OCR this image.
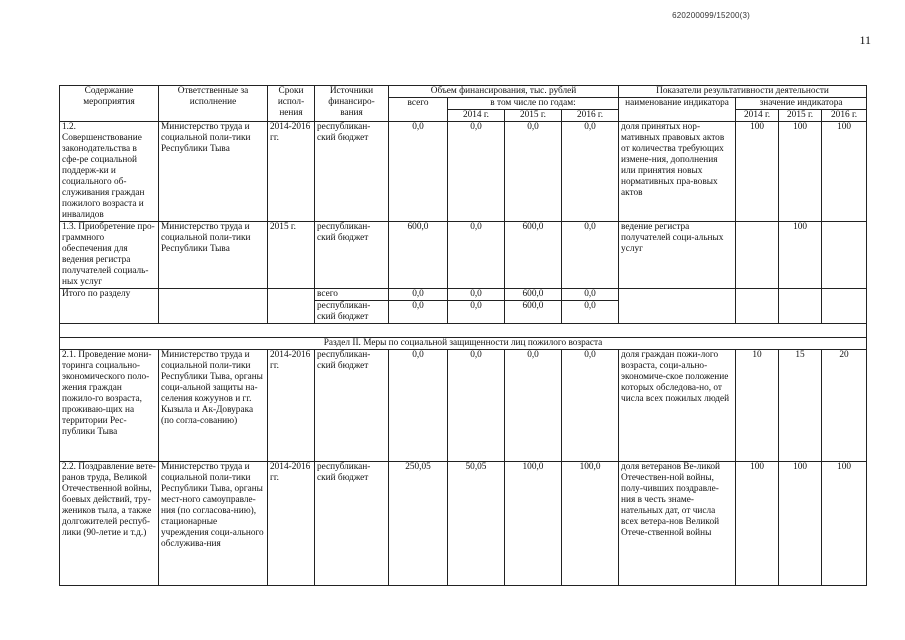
620200099/15200(3)
11
Содержание мероприятия	Ответственные за исполнение	Сроки испол-нения	Источники финансиро-вания	Объем финансирования, тыс. рублей				Показатели результативности деятельности			
				всего	в том числе по годам:			наименование индикатора	значение индикатора		
					2014 г.	2015 г.	2016 г.		2014 г.	2015 г.	2016 г.
1.2. Совершенствование законодательства в сфе-ре социальной поддерж-ки и социального об-служивания граждан пожилого возраста и инвалидов	Министерство труда и социальной поли-тики Республики Тыва	2014-2016 гг.	республикан-ский бюджет	0,0	0,0	0,0	0,0	доля принятых нор-мативных правовых актов от количества требующих измене-ния, дополнения или принятия новых нормативных пра-вовых актов	100	100	100
1.3. Приобретение про-граммного обеспечения для ведения регистра получателей социаль-ных услуг	Министерство труда и социальной поли-тики Республики Тыва	2015 г.	республикан-ский бюджет	600,0	0,0	600,0	0,0	ведение регистра получателей соци-альных услуг		100	
Итого по разделу			всего	0,0	0,0	600,0	0,0				
			республикан-ский бюджет	0,0	0,0	600,0	0,0				

Раздел II. Меры по социальной защищенности лиц пожилого возраста											
2.1. Проведение мони-торинга социально-экономического поло-жения граждан пожило-го возраста, проживаю-щих на территории Рес-публики Тыва	Министерство труда и социальной поли-тики Республики Тыва, органы соци-альной защиты на-селения кожуунов и гг. Кызыла и Ак-Довурака (по согла-сованию)	2014-2016 гг.	республикан-ский бюджет	0,0	0,0	0,0	0,0	доля граждан пожи-лого возраста, соци-ально-экономиче-ское положение которых обследова-но, от числа всех пожилых людей	10	15	20
2.2. Поздравление вете-ранов труда, Великой Отечественной войны, боевых действий, тру-жеников тыла, а также долгожителей респуб-лики (90-летие и т.д.)	Министерство труда и социальной поли-тики Республики Тыва, органы мест-ного самоуправле-ния (по согласова-нию), стационарные учреждения соци-ального обслужива-ния	2014-2016 гг.	республикан-ский бюджет	250,05	50,05	100,0	100,0	доля ветеранов Ве-ликой Отечествен-ной войны, полу-чивших поздравле-ния в честь знаме-нательных дат, от числа всех ветера-нов Великой Отече-ственной войны	100	100	100
